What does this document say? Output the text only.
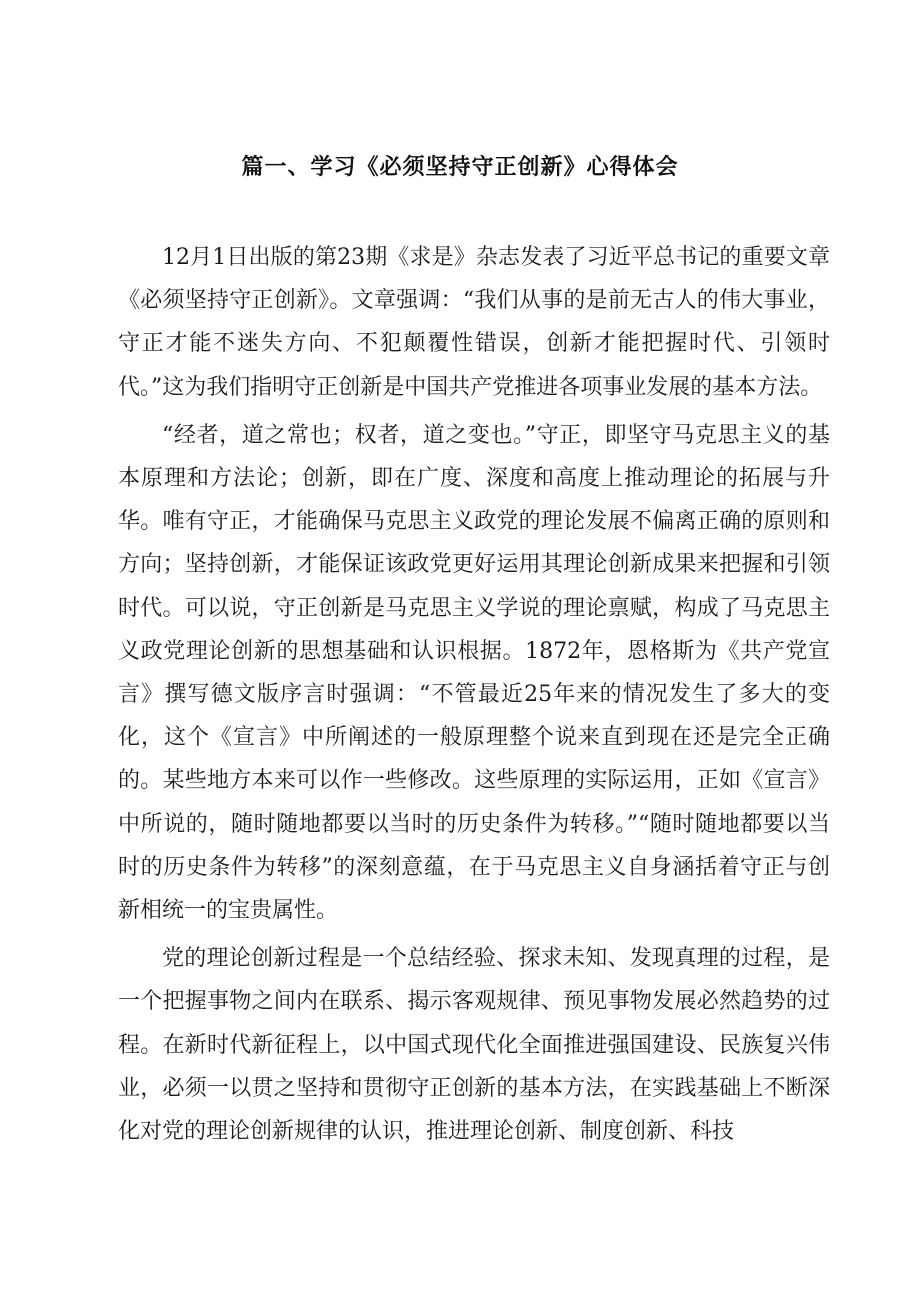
篇一、学习《必须坚持守正创新》心得体会

12月1日出版的第23期《求是》杂志发表了习近平总书记的重要文章《必须坚持守正创新》。文章强调：“我们从事的是前无古人的伟大事业，守正才能不迷失方向、不犯颠覆性错误，创新才能把握时代、引领时代。”这为我们指明守正创新是中国共产党推进各项事业发展的基本方法。

“经者，道之常也；权者，道之变也。”守正，即坚守马克思主义的基本原理和方法论；创新，即在广度、深度和高度上推动理论的拓展与升华。唯有守正，才能确保马克思主义政党的理论发展不偏离正确的原则和方向；坚持创新，才能保证该政党更好运用其理论创新成果来把握和引领时代。可以说，守正创新是马克思主义学说的理论禀赋，构成了马克思主义政党理论创新的思想基础和认识根据。1872年，恩格斯为《共产党宣言》撰写德文版序言时强调：“不管最近25年来的情况发生了多大的变化，这个《宣言》中所阐述的一般原理整个说来直到现在还是完全正确的。某些地方本来可以作一些修改。这些原理的实际运用，正如《宣言》中所说的，随时随地都要以当时的历史条件为转移。”“随时随地都要以当时的历史条件为转移”的深刻意蕴，在于马克思主义自身涵括着守正与创新相统一的宝贵属性。

党的理论创新过程是一个总结经验、探求未知、发现真理的过程，是一个把握事物之间内在联系、揭示客观规律、预见事物发展必然趋势的过程。在新时代新征程上，以中国式现代化全面推进强国建设、民族复兴伟业，必须一以贯之坚持和贯彻守正创新的基本方法，在实践基础上不断深化对党的理论创新规律的认识，推进理论创新、制度创新、科技
